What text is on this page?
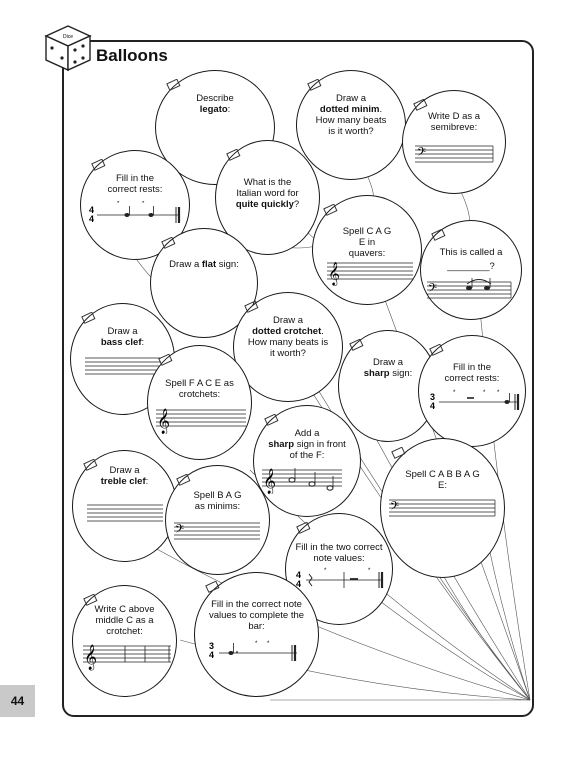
Dice
Balloons
44
Describe
legato:
Draw a
dotted minim. How many beats is it worth?
Write D as a semibreve:
𝄢
Fill in the correct rests:
4
4
*	*
What is the Italian word for
quite quickly?
Spell C A G E in quavers:
𝄞
This is called a
________?
𝄢
Draw a flat sign:
Draw a
dotted crotchet. How many beats is it worth?
Draw a
bass clef:
Spell F A C E as crotchets:
𝄞
Draw a
sharp sign:
Fill in the correct rests:
3
4
*	* *
Add a
sharp sign in front of the F:
𝄞	Spell C A B B A G E:
𝄢
Draw a
treble clef:
Spell B A G as minims:
𝄢
Fill in the two correct note values:
4
4
*	*
Write C above middle C as a crotchet:
𝄞
Fill in the correct note values to complete the bar:
3
4
* *
